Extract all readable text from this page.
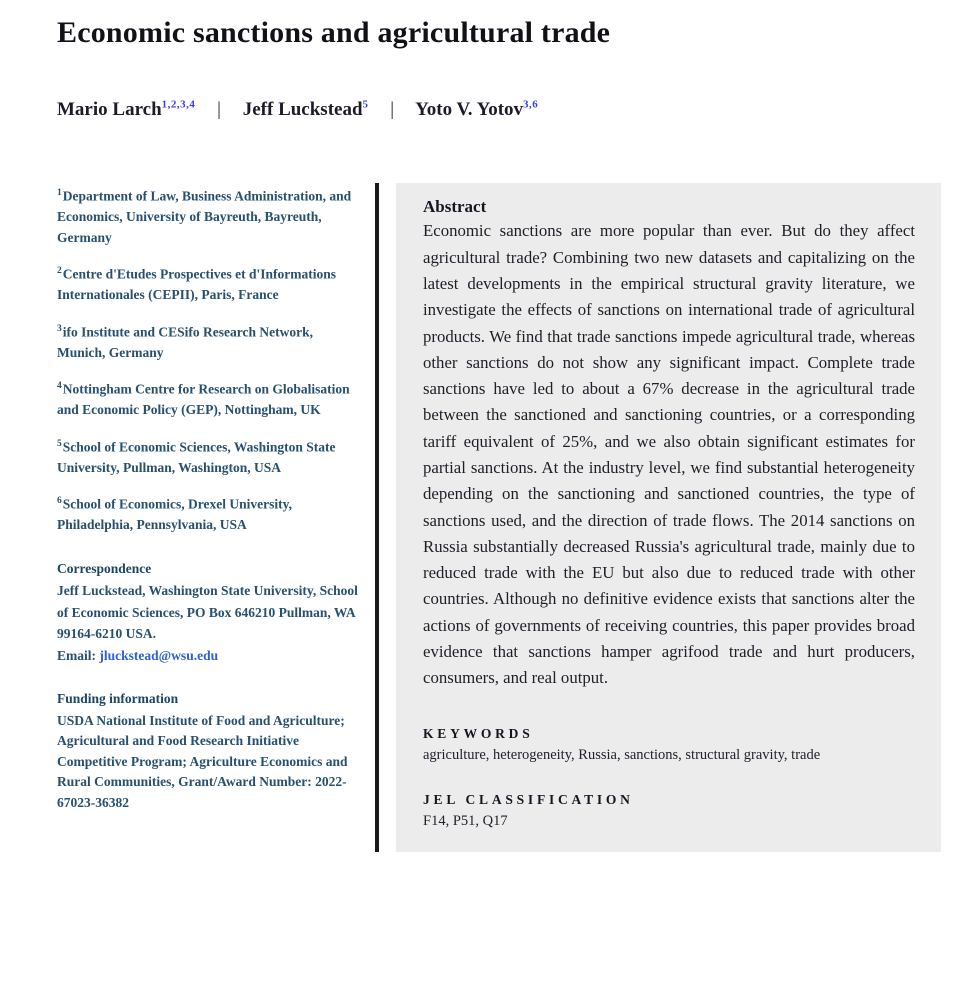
Economic sanctions and agricultural trade
Mario Larch$^{1,2,3,4}$ | Jeff Luckstead$^5$ | Yoto V. Yotov$^{3,6}$

$^1$Department of Law, Business Administration, and Economics, University of Bayreuth, Bayreuth, Germany

$^2$Centre d'Etudes Prospectives et d'Informations Internationales (CEPII), Paris, France

$^3$ifo Institute and CESifo Research Network, Munich, Germany

$^4$Nottingham Centre for Research on Globalisation and Economic Policy (GEP), Nottingham, UK

$^5$School of Economic Sciences, Washington State University, Pullman, Washington, USA

$^6$School of Economics, Drexel University, Philadelphia, Pennsylvania, USA

Correspondence

Jeff Luckstead, Washington State University, School of Economic Sciences, PO Box 646210 Pullman, WA 99164-6210 USA.

Email: jluckstead@wsu.edu

Funding information

USDA National Institute of Food and Agriculture; Agricultural and Food Research Initiative Competitive Program; Agriculture Economics and Rural Communities, Grant/Award Number: 2022-67023-36382

Abstract

Economic sanctions are more popular than ever. But do they affect agricultural trade? Combining two new datasets and capitalizing on the latest developments in the empirical structural gravity literature, we investigate the effects of sanctions on international trade of agricultural products. We find that trade sanctions impede agricultural trade, whereas other sanctions do not show any significant impact. Complete trade sanctions have led to about a 67% decrease in the agricultural trade between the sanctioned and sanctioning countries, or a corresponding tariff equivalent of 25%, and we also obtain significant estimates for partial sanctions. At the industry level, we find substantial heterogeneity depending on the sanctioning and sanctioned countries, the type of sanctions used, and the direction of trade flows. The 2014 sanctions on Russia substantially decreased Russia's agricultural trade, mainly due to reduced trade with the EU but also due to reduced trade with other countries. Although no definitive evidence exists that sanctions alter the actions of governments of receiving countries, this paper provides broad evidence that sanctions hamper agrifood trade and hurt producers, consumers, and real output.

KEYWORDS

agriculture, heterogeneity, Russia, sanctions, structural gravity, trade

JEL CLASSIFICATION

F14, P51, Q17
